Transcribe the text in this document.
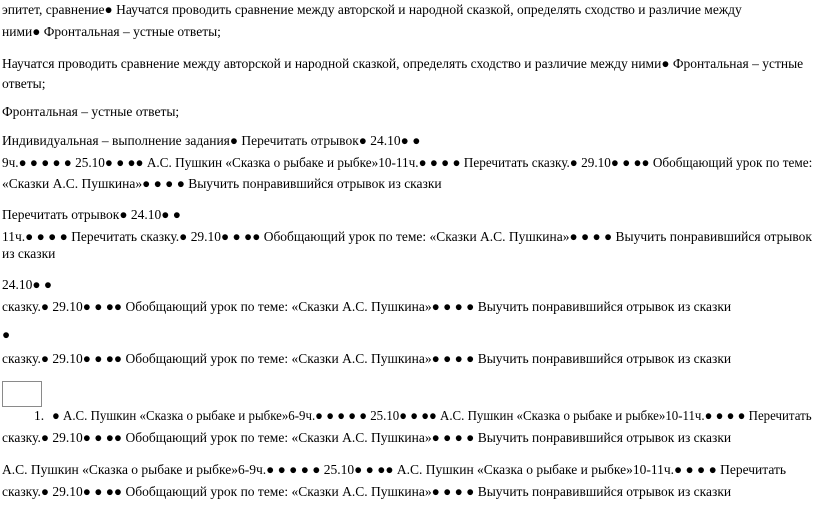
эпитет, сравнение● Научатся проводить сравнение между авторской и народной сказкой, определять сходство и различие между
ними● Фронтальная – устные ответы;
Научатся проводить сравнение между авторской и народной сказкой, определять сходство и различие между ними● Фронтальная – устные
ответы;
Фронтальная – устные ответы;
Индивидуальная – выполнение задания● Перечитать отрывок● 24.10● ●
9ч.● ● ● ● ● 25.10● ● ●● А.С. Пушкин «Сказка о рыбаке и рыбке»10-11ч.● ● ● ● Перечитать сказку.● 29.10● ● ●● Обобщающий урок по теме:
«Сказки А.С. Пушкина»● ● ● ● Выучить понравившийся отрывок из сказки
Перечитать отрывок● 24.10● ●
11ч.● ● ● ● Перечитать сказку.● 29.10● ● ●● Обобщающий урок по теме: «Сказки А.С. Пушкина»● ● ● ● Выучить понравившийся отрывок
из сказки
24.10● ●
сказку.● 29.10● ● ●● Обобщающий урок по теме: «Сказки А.С. Пушкина»● ● ● ● Выучить понравившийся отрывок из сказки
●
сказку.● 29.10● ● ●● Обобщающий урок по теме: «Сказки А.С. Пушкина»● ● ● ● Выучить понравившийся отрывок из сказки
1. ● А.С. Пушкин «Сказка о рыбаке и рыбке»6-9ч.● ● ● ● ● 25.10● ● ●● А.С. Пушкин «Сказка о рыбаке и рыбке»10-11ч.● ● ● ● Перечитать
сказку.● 29.10● ● ●● Обобщающий урок по теме: «Сказки А.С. Пушкина»● ● ● ● Выучить понравившийся отрывок из сказки
А.С. Пушкин «Сказка о рыбаке и рыбке»6-9ч.● ● ● ● ● 25.10● ● ●● А.С. Пушкин «Сказка о рыбаке и рыбке»10-11ч.● ● ● ● Перечитать
сказку.● 29.10● ● ●● Обобщающий урок по теме: «Сказки А.С. Пушкина»● ● ● ● Выучить понравившийся отрывок из сказки
